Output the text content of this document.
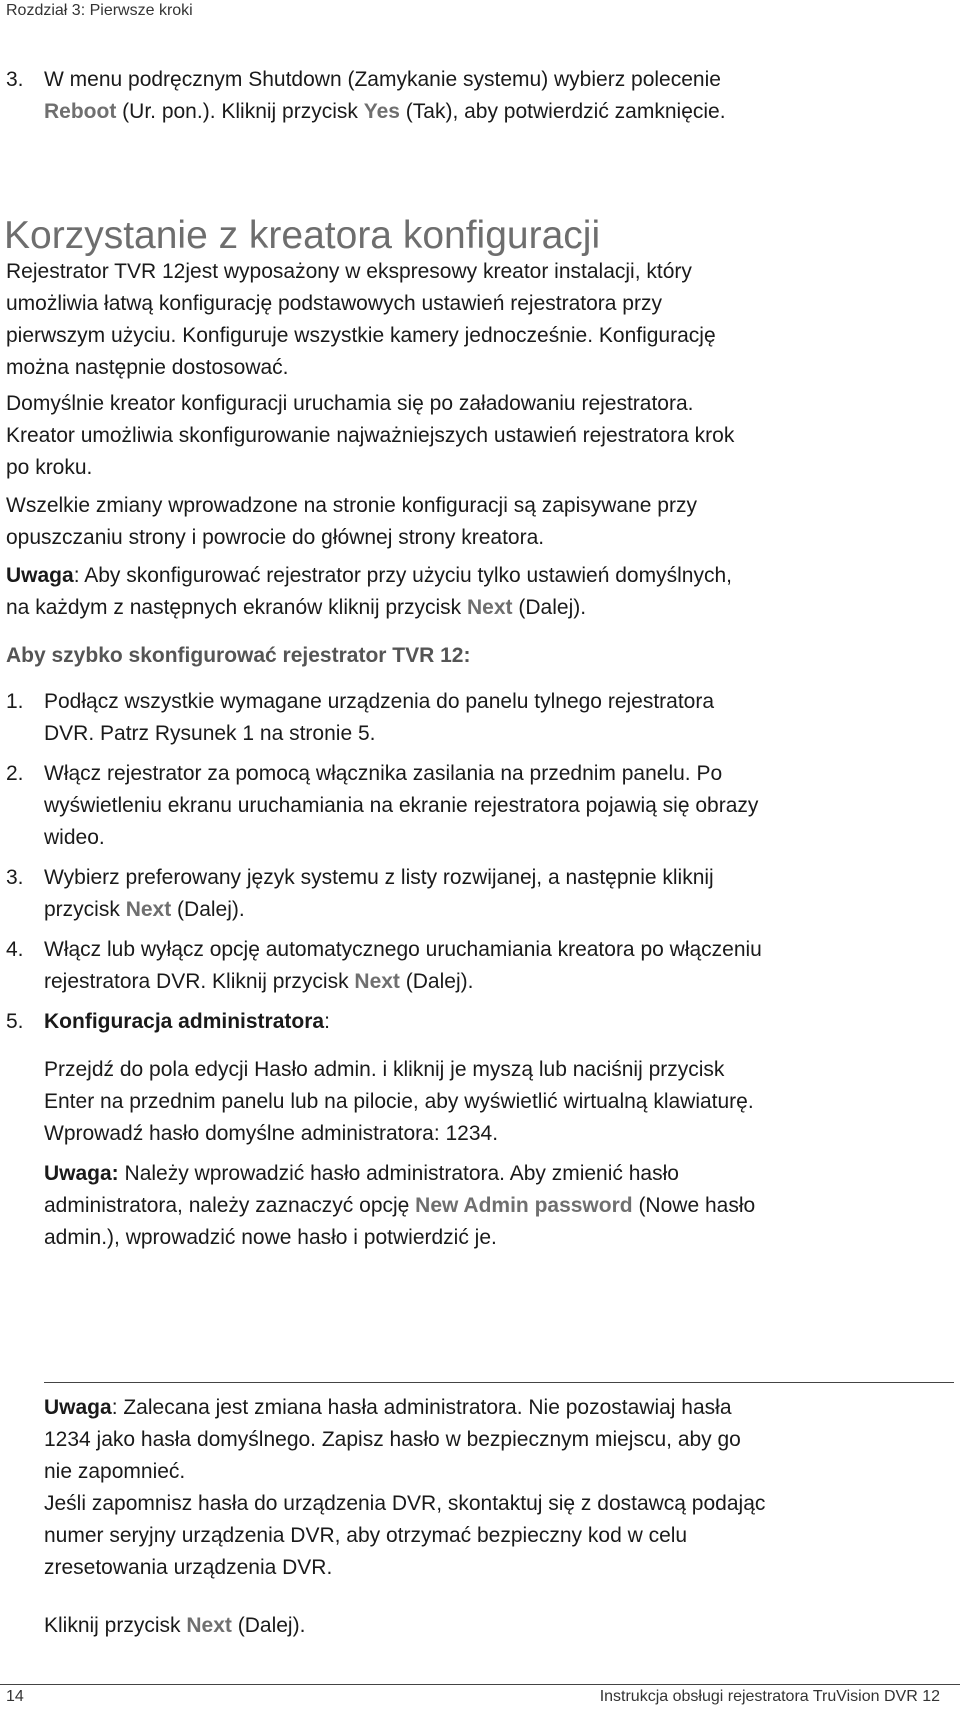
Rozdział 3: Pierwsze kroki
3. W menu podręcznym Shutdown (Zamykanie systemu) wybierz polecenie
Reboot (Ur. pon.). Kliknij przycisk Yes (Tak), aby potwierdzić zamknięcie.
Korzystanie z kreatora konfiguracji
Rejestrator TVR 12jest wyposażony w ekspresowy kreator instalacji, który
umożliwia łatwą konfigurację podstawowych ustawień rejestratora przy
pierwszym użyciu. Konfiguruje wszystkie kamery jednocześnie. Konfigurację
można następnie dostosować.
Domyślnie kreator konfiguracji uruchamia się po załadowaniu rejestratora.
Kreator umożliwia skonfigurowanie najważniejszych ustawień rejestratora krok
po kroku.
Wszelkie zmiany wprowadzone na stronie konfiguracji są zapisywane przy
opuszczaniu strony i powrocie do głównej strony kreatora.
Uwaga: Aby skonfigurować rejestrator przy użyciu tylko ustawień domyślnych,
na każdym z następnych ekranów kliknij przycisk Next (Dalej).
Aby szybko skonfigurować rejestrator TVR 12:
1. Podłącz wszystkie wymagane urządzenia do panelu tylnego rejestratora
DVR. Patrz Rysunek 1 na stronie 5.
2. Włącz rejestrator za pomocą włącznika zasilania na przednim panelu. Po
wyświetleniu ekranu uruchamiania na ekranie rejestratora pojawią się obrazy
wideo.
3. Wybierz preferowany język systemu z listy rozwijanej, a następnie kliknij
przycisk Next (Dalej).
4. Włącz lub wyłącz opcję automatycznego uruchamiania kreatora po włączeniu
rejestratora DVR. Kliknij przycisk Next (Dalej).
5. Konfiguracja administratora:
Przejdź do pola edycji Hasło admin. i kliknij je myszą lub naciśnij przycisk
Enter na przednim panelu lub na pilocie, aby wyświetlić wirtualną klawiaturę.
Wprowadź hasło domyślne administratora: 1234.
Uwaga: Należy wprowadzić hasło administratora. Aby zmienić hasło
administratora, należy zaznaczyć opcję New Admin password (Nowe hasło
admin.), wprowadzić nowe hasło i potwierdzić je.
Uwaga: Zalecana jest zmiana hasła administratora. Nie pozostawiaj hasła
1234 jako hasła domyślnego. Zapisz hasło w bezpiecznym miejscu, aby go
nie zapomnieć.
Jeśli zapomnisz hasła do urządzenia DVR, skontaktuj się z dostawcą podając
numer seryjny urządzenia DVR, aby otrzymać bezpieczny kod w celu
zresetowania urządzenia DVR.
Kliknij przycisk Next (Dalej).
14	Instrukcja obsługi rejestratora TruVision DVR 12
